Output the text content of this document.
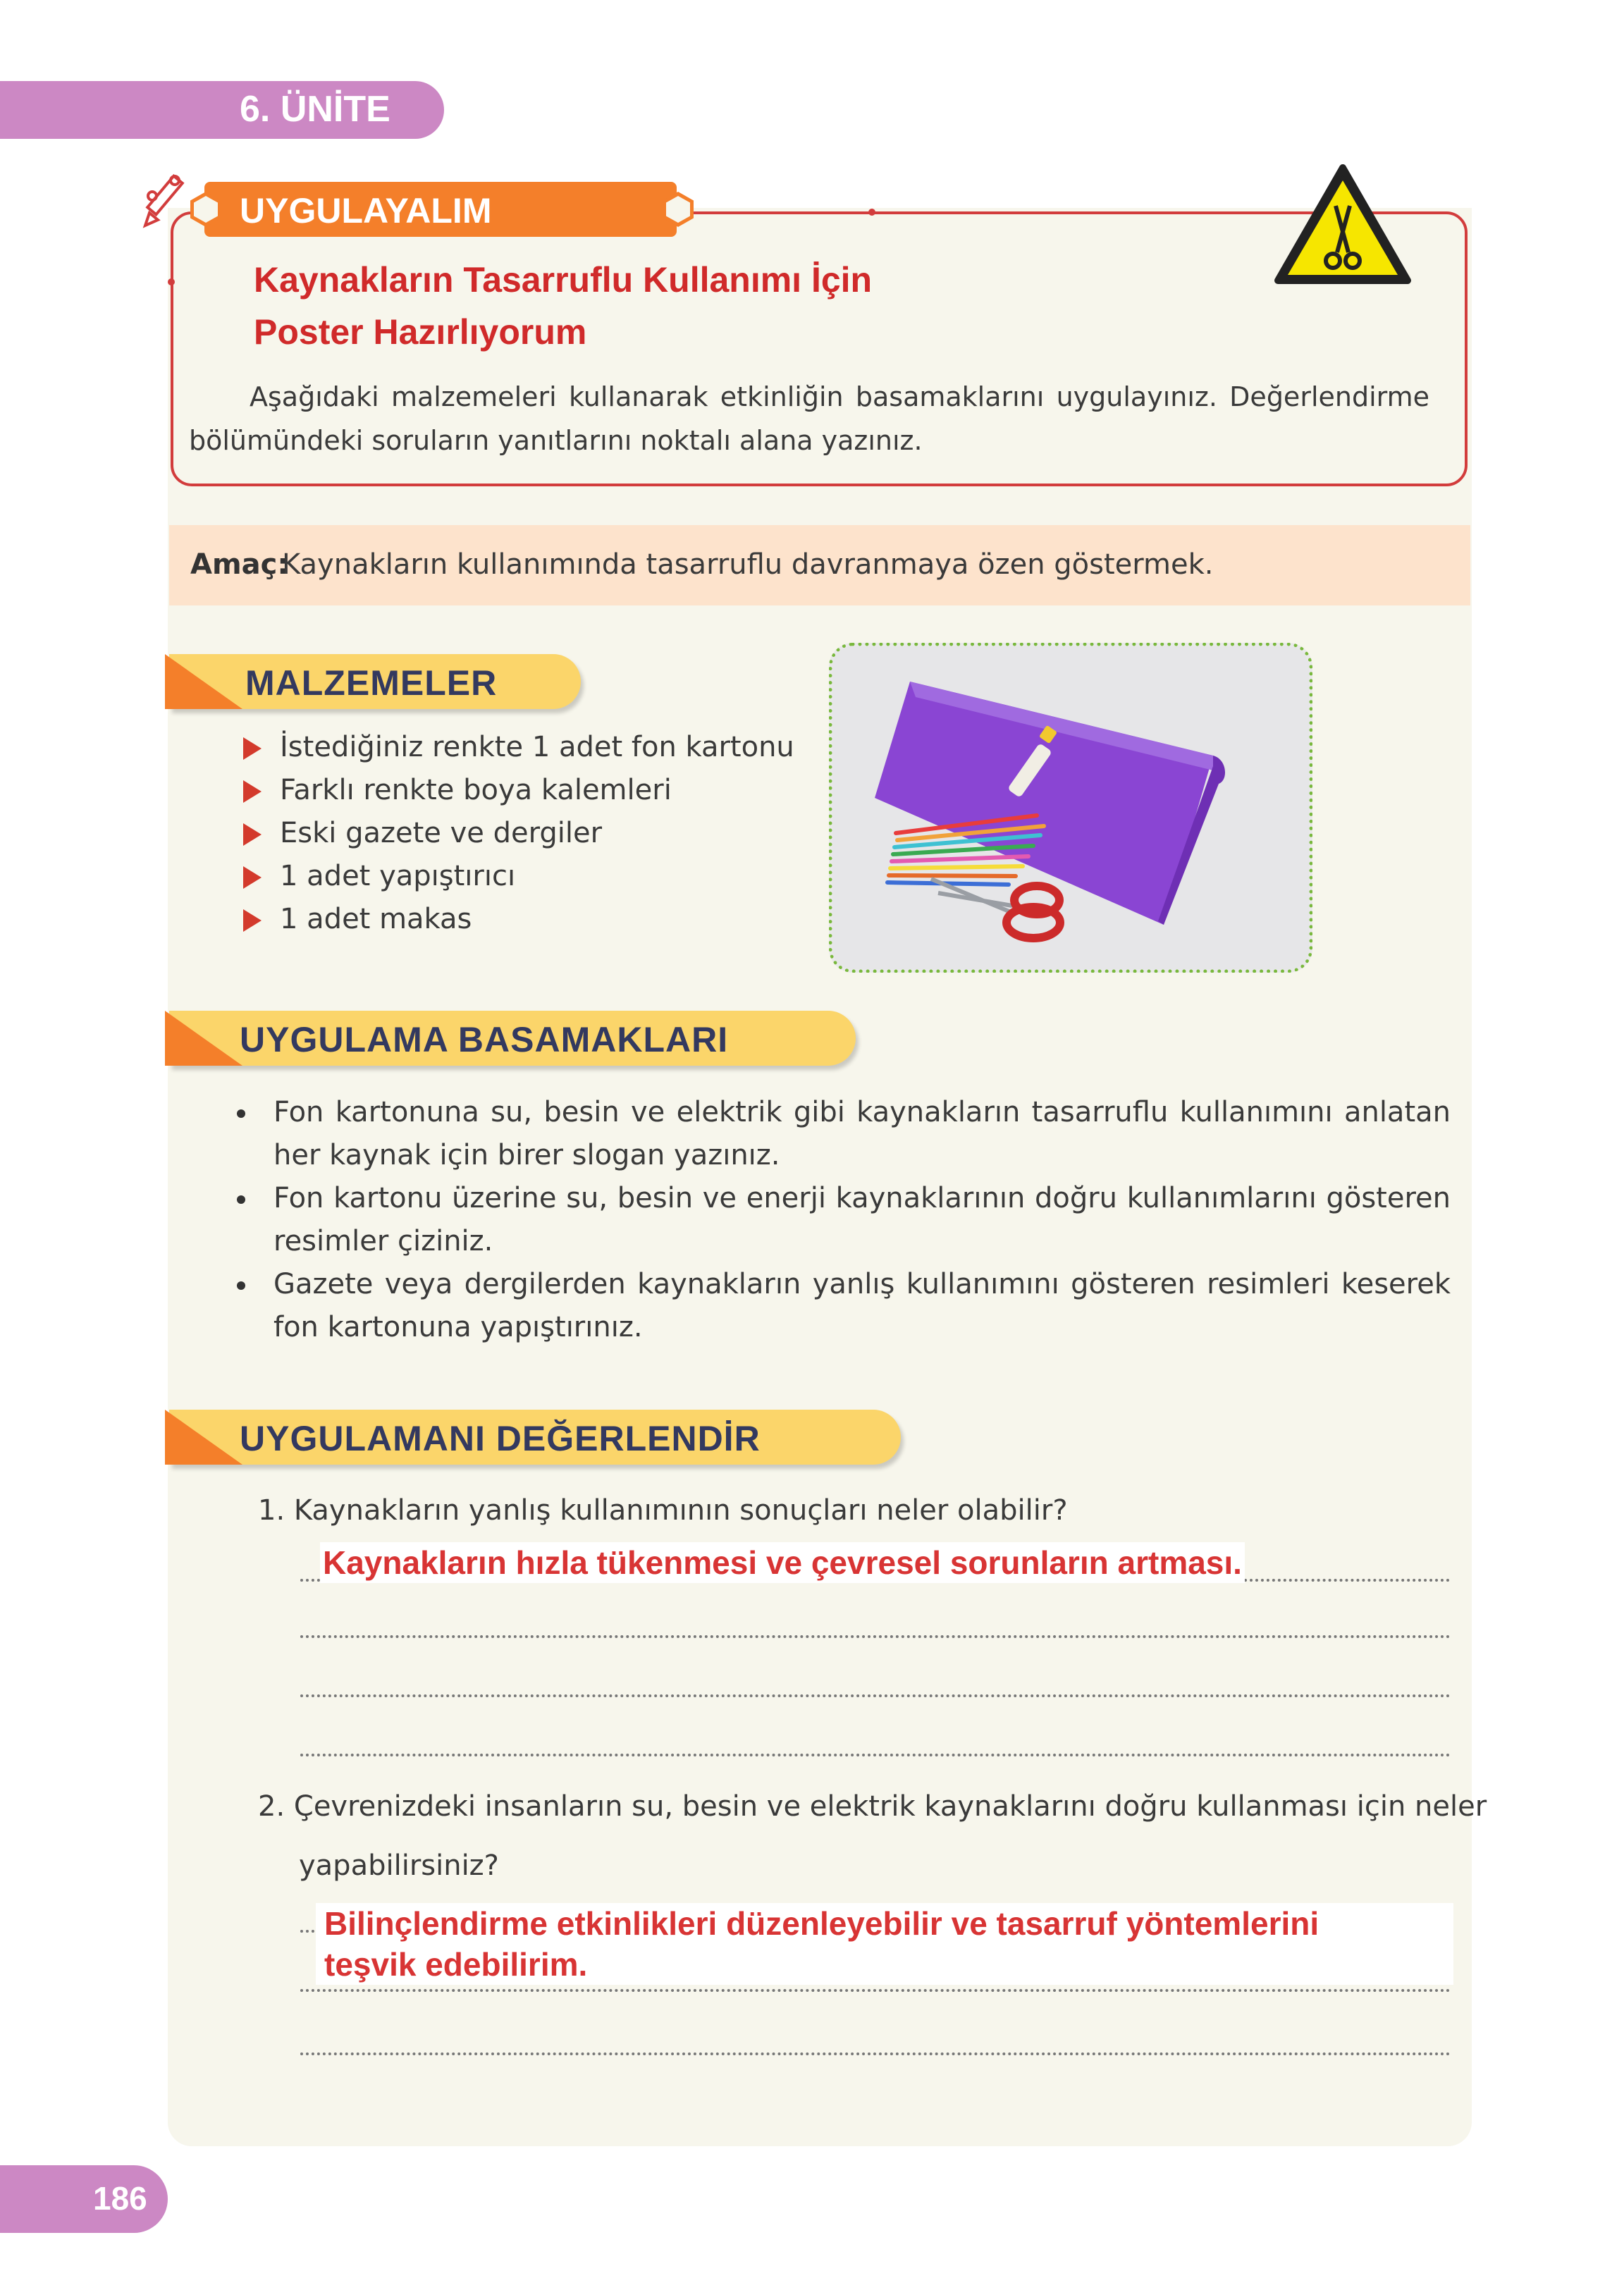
6. ÜNİTE
UYGULAYALIM
Kaynakların Tasarruflu Kullanımı İçin
Poster Hazırlıyorum
Aşağıdaki malzemeleri kullanarak etkinliğin basamaklarını uygulayınız. Değerlendirme bölümündeki soruların yanıtlarını noktalı alana yazınız.
Amaç:
Kaynakların kullanımında tasarruflu davranmaya özen göstermek.
MALZEMELER
İstediğiniz renkte 1 adet fon kartonu
Farklı renkte boya kalemleri
Eski gazete ve dergiler
1 adet yapıştırıcı
1 adet makas
UYGULAMA BASAMAKLARI
Fon kartonuna su, besin ve elektrik gibi kaynakların tasarruflu kullanımını anlatan her kaynak için birer slogan yazınız.
Fon kartonu üzerine su, besin ve enerji kaynaklarının doğru kullanımlarını gösteren resimler çiziniz.
Gazete veya dergilerden kaynakların yanlış kullanımını gösteren resimleri keserek fon kartonuna yapıştırınız.
UYGULAMANI DEĞERLENDİR
1. Kaynakların yanlış kullanımının sonuçları neler olabilir?
Kaynakların hızla tükenmesi ve çevresel sorunların artması.
2. Çevrenizdeki insanların su, besin ve elektrik kaynaklarını doğru kullanması için neler
yapabilirsiniz?
Bilinçlendirme etkinlikleri düzenleyebilir ve tasarruf yöntemlerini
teşvik edebilirim.
186
